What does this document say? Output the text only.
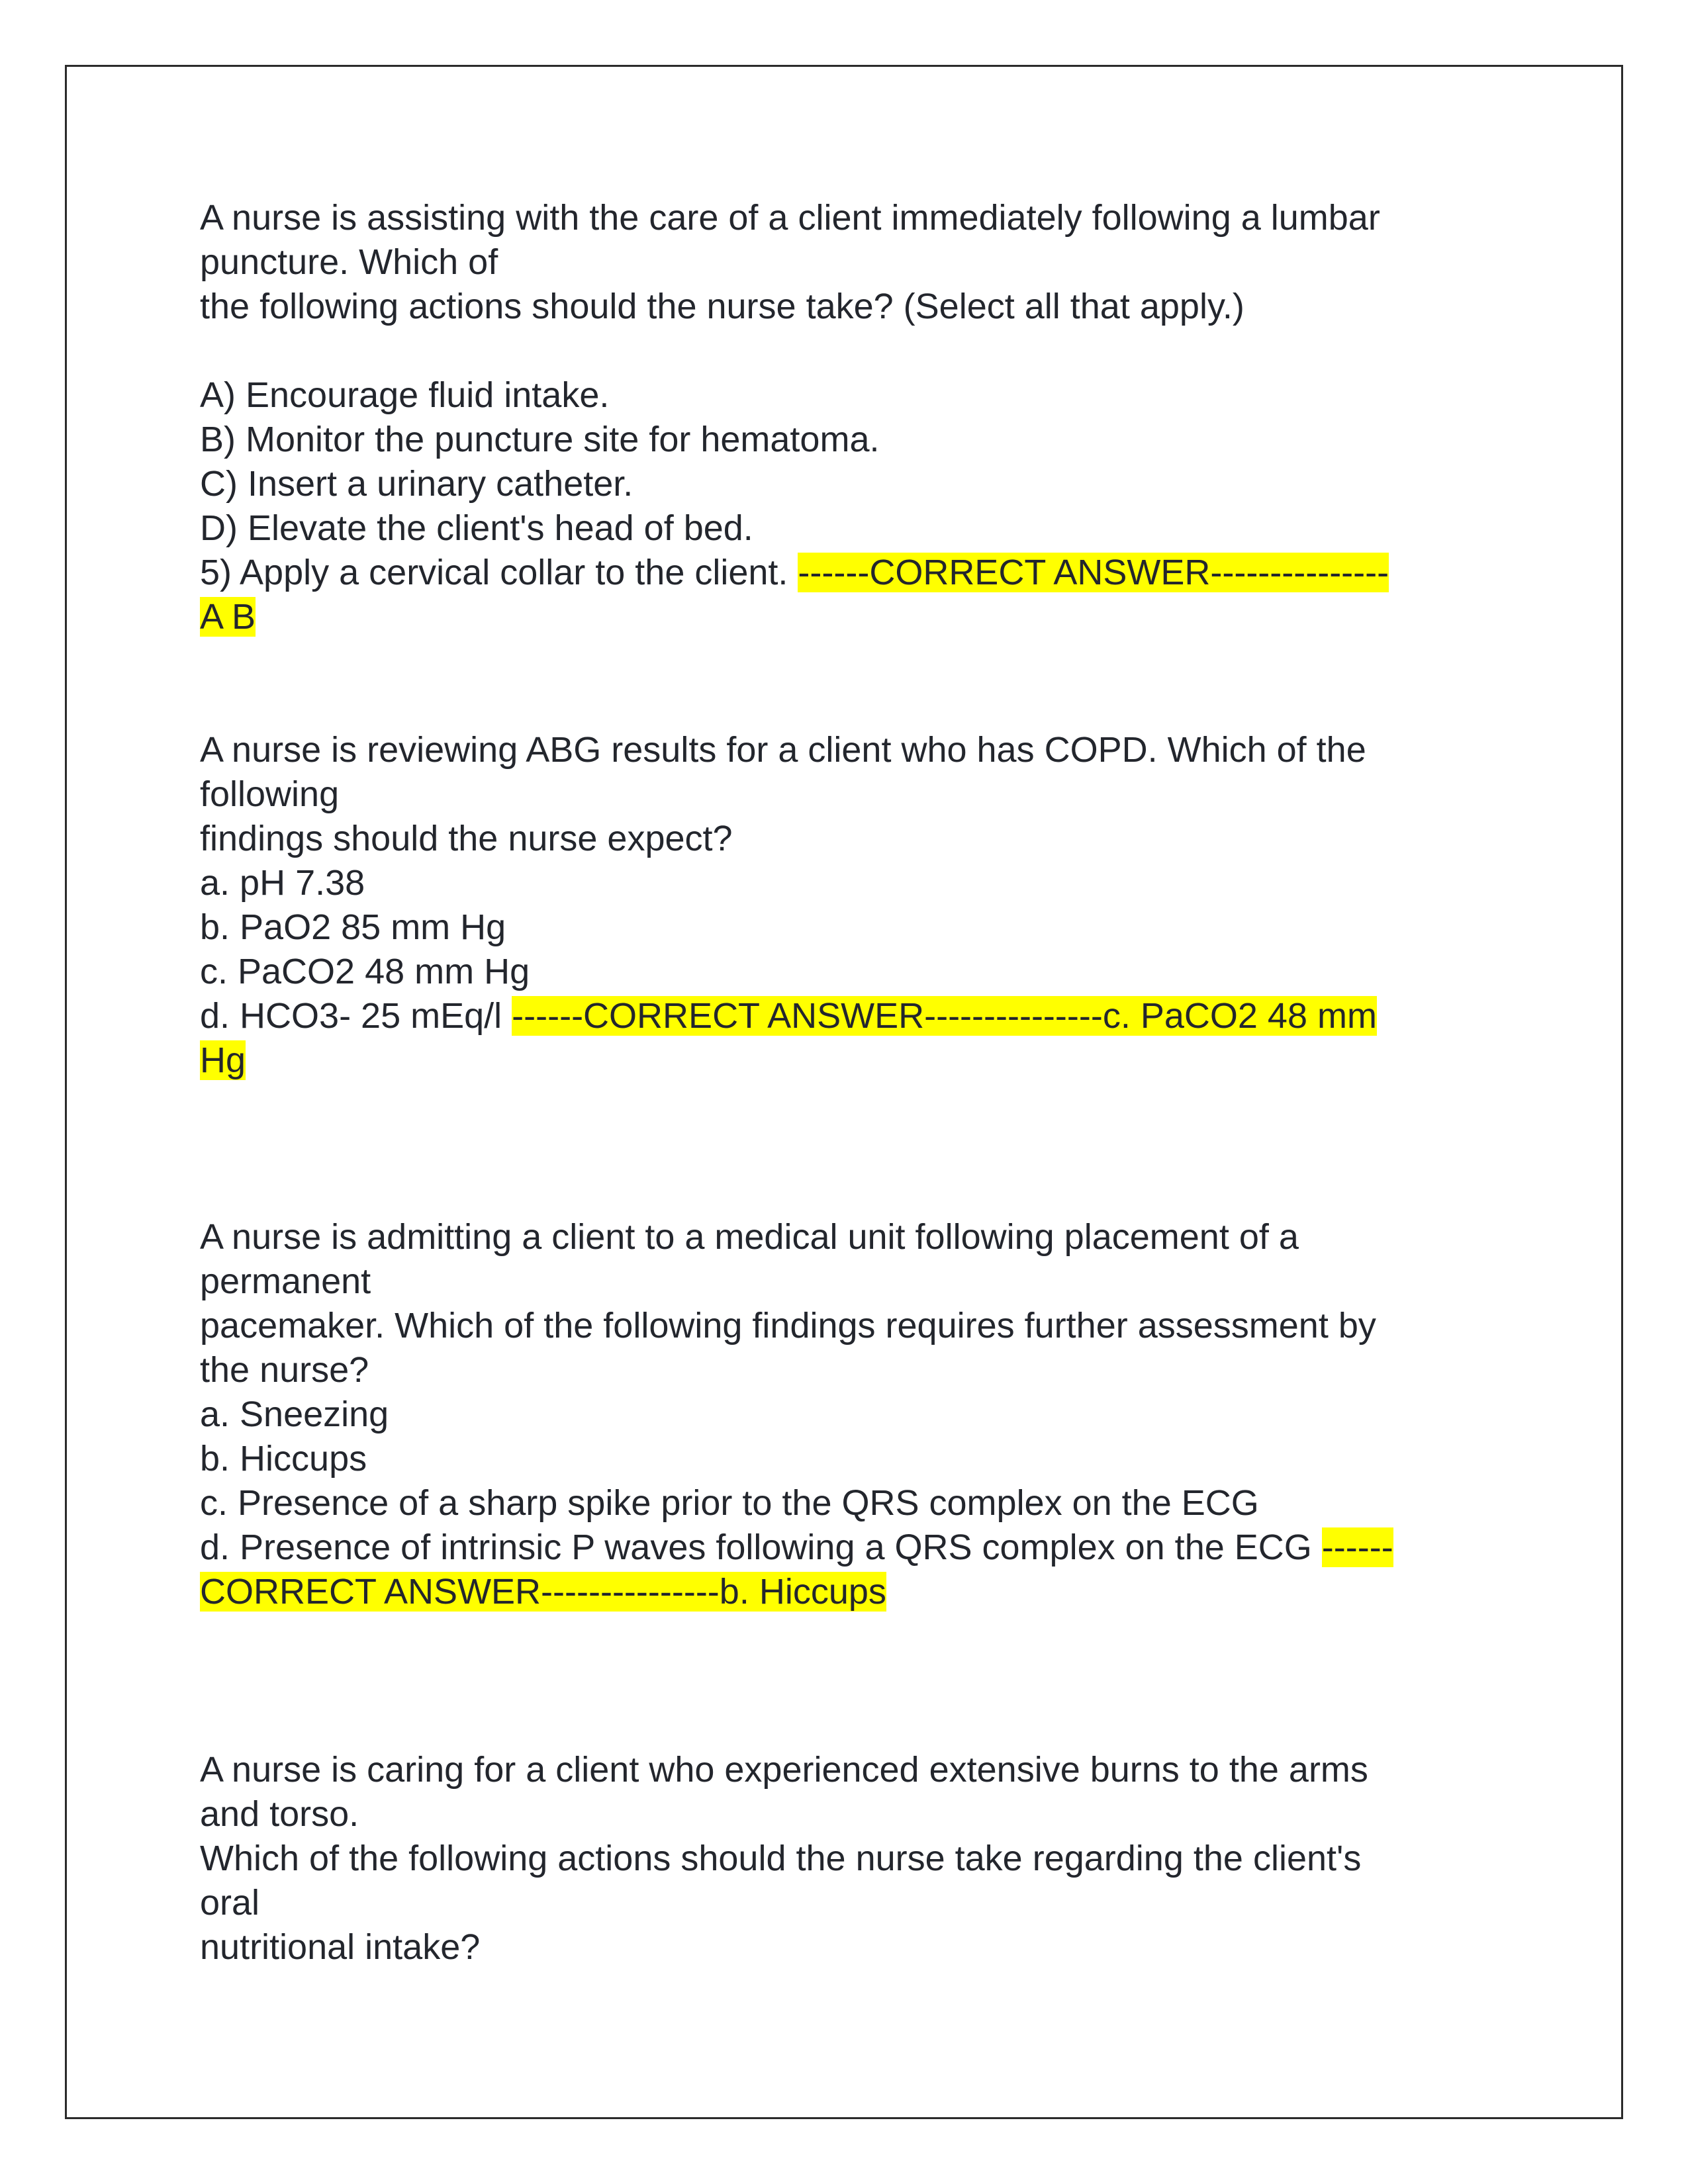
A nurse is assisting with the care of a client immediately following a lumbar
puncture. Which of
the following actions should the nurse take? (Select all that apply.)
A) Encourage fluid intake.
B) Monitor the puncture site for hematoma.
C) Insert a urinary catheter.
D) Elevate the client's head of bed.
5) Apply a cervical collar to the client. ------CORRECT ANSWER---------------
A B
A nurse is reviewing ABG results for a client who has COPD. Which of the
following
findings should the nurse expect?
a. pH 7.38
b. PaO2 85 mm Hg
c. PaCO2 48 mm Hg
d. HCO3- 25 mEq/l ------CORRECT ANSWER---------------c. PaCO2 48 mm
Hg
A nurse is admitting a client to a medical unit following placement of a
permanent
pacemaker. Which of the following findings requires further assessment by
the nurse?
a. Sneezing
b. Hiccups
c. Presence of a sharp spike prior to the QRS complex on the ECG
d. Presence of intrinsic P waves following a QRS complex on the ECG ------
CORRECT ANSWER---------------b. Hiccups
A nurse is caring for a client who experienced extensive burns to the arms
and torso.
Which of the following actions should the nurse take regarding the client's
oral
nutritional intake?
